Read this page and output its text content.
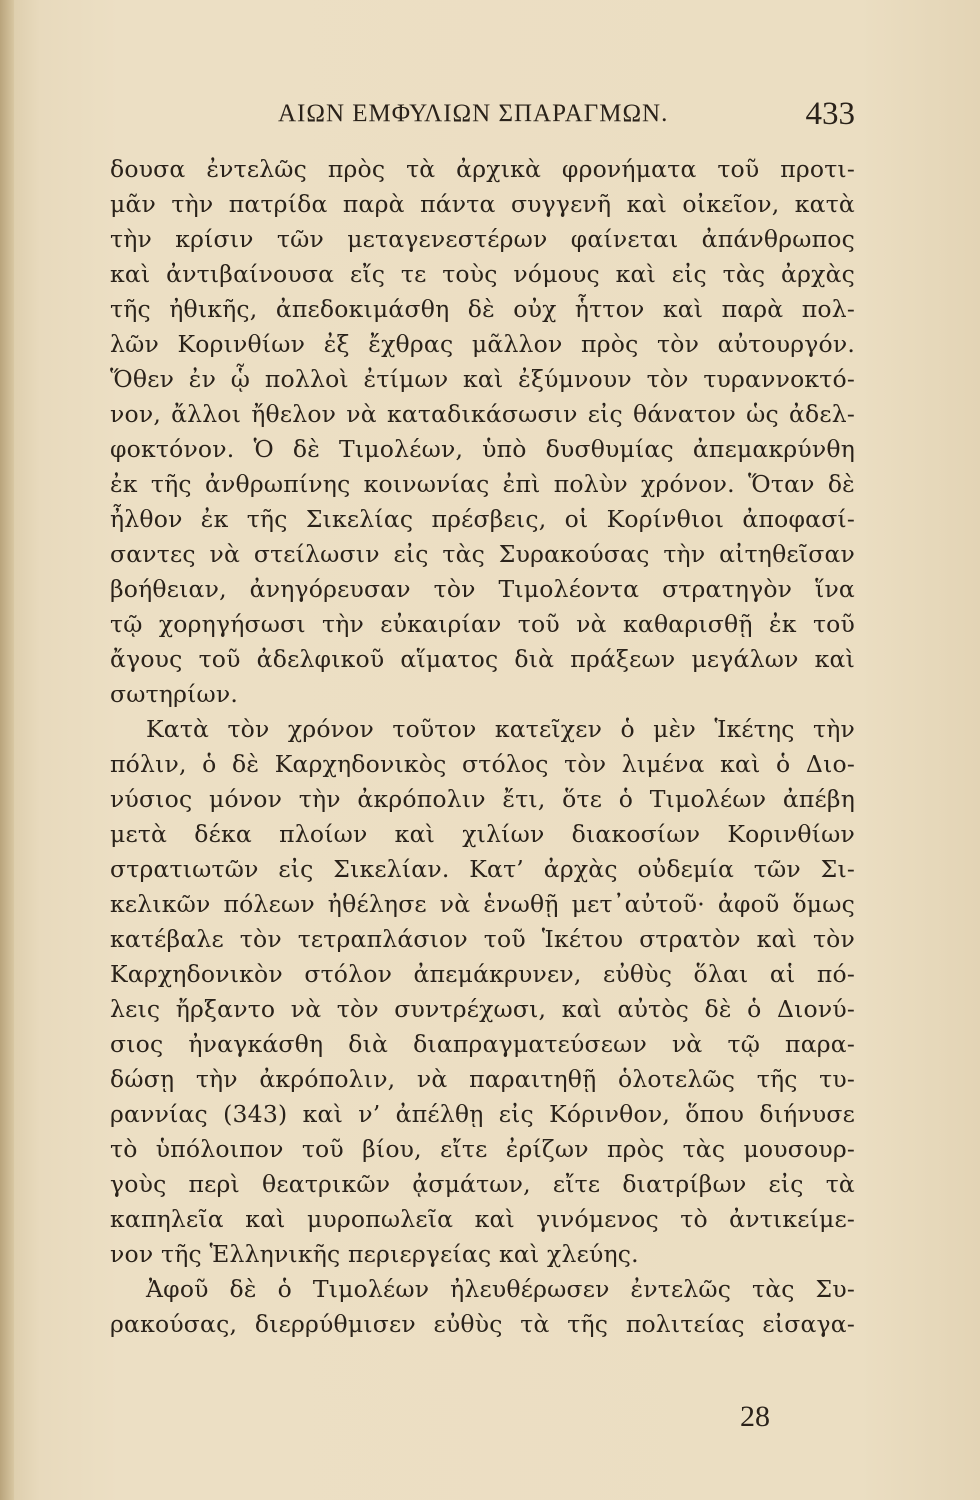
ΑΙΩΝ ΕΜΦΥΛΙΩΝ ΣΠΑΡΑΓΜΩΝ.	433
δουσα ἐντελῶς πρὸς τὰ ἀρχικὰ φρονήματα τοῦ προτι-
μᾶν τὴν πατρίδα παρὰ πάντα συγγενῆ καὶ οἰκεῖον, κατὰ
τὴν κρίσιν τῶν μεταγενεστέρων φαίνεται ἀπάνθρωπος
καὶ ἀντιβαίνουσα εἴς τε τοὺς νόμους καὶ εἰς τὰς ἀρχὰς
τῆς ἠθικῆς, ἀπεδοκιμάσθη δὲ οὐχ ἧττον καὶ παρὰ πολ-
λῶν Κορινθίων ἐξ ἔχθρας μᾶλλον πρὸς τὸν αὐτουργόν.
Ὅθεν ἐν ᾧ πολλοὶ ἐτίμων καὶ ἐξύμνουν τὸν τυραννοκτό-
νον, ἄλλοι ἤθελον νὰ καταδικάσωσιν εἰς θάνατον ὡς ἀδελ-
φοκτόνον. Ὁ δὲ Τιμολέων, ὑπὸ δυσθυμίας ἀπεμακρύνθη
ἐκ τῆς ἀνθρωπίνης κοινωνίας ἐπὶ πολὺν χρόνον. Ὅταν δὲ
ἦλθον ἐκ τῆς Σικελίας πρέσβεις, οἱ Κορίνθιοι ἀποφασί-
σαντες νὰ στείλωσιν εἰς τὰς Συρακούσας τὴν αἰτηθεῖσαν
βοήθειαν, ἀνηγόρευσαν τὸν Τιμολέοντα στρατηγὸν ἵνα
τῷ χορηγήσωσι τὴν εὐκαιρίαν τοῦ νὰ καθαρισθῇ ἐκ τοῦ
ἄγους τοῦ ἀδελφικοῦ αἵματος διὰ πράξεων μεγάλων καὶ
σωτηρίων.
Κατὰ τὸν χρόνον τοῦτον κατεῖχεν ὁ μὲν Ἱκέτης τὴν
πόλιν, ὁ δὲ Καρχηδονικὸς στόλος τὸν λιμένα καὶ ὁ Διο-
νύσιος μόνον τὴν ἀκρόπολιν ἔτι, ὅτε ὁ Τιμολέων ἀπέβη
μετὰ δέκα πλοίων καὶ χιλίων διακοσίων Κορινθίων
στρατιωτῶν εἰς Σικελίαν. Κατ’ ἀρχὰς οὐδεμία τῶν Σι-
κελικῶν πόλεων ἠθέλησε νὰ ἑνωθῇ μετ᾽αὐτοῦ· ἀφοῦ ὅμως
κατέβαλε τὸν τετραπλάσιον τοῦ Ἱκέτου στρατὸν καὶ τὸν
Καρχηδονικὸν στόλον ἀπεμάκρυνεν, εὐθὺς ὅλαι αἱ πό-
λεις ἤρξαντο νὰ τὸν συντρέχωσι, καὶ αὐτὸς δὲ ὁ Διονύ-
σιος ἠναγκάσθη διὰ διαπραγματεύσεων νὰ τῷ παρα-
δώσῃ τὴν ἀκρόπολιν, νὰ παραιτηθῇ ὁλοτελῶς τῆς τυ-
ραννίας (343) καὶ ν’ ἀπέλθῃ εἰς Κόρινθον, ὅπου διήνυσε
τὸ ὑπόλοιπον τοῦ βίου, εἴτε ἐρίζων πρὸς τὰς μουσουρ-
γοὺς περὶ θεατρικῶν ᾀσμάτων, εἴτε διατρίβων εἰς τὰ
καπηλεῖα καὶ μυροπωλεῖα καὶ γινόμενος τὸ ἀντικείμε-
νον τῆς Ἑλληνικῆς περιεργείας καὶ χλεύης.
Ἀφοῦ δὲ ὁ Τιμολέων ἠλευθέρωσεν ἐντελῶς τὰς Συ-
ρακούσας, διερρύθμισεν εὐθὺς τὰ τῆς πολιτείας εἰσαγα-
28
